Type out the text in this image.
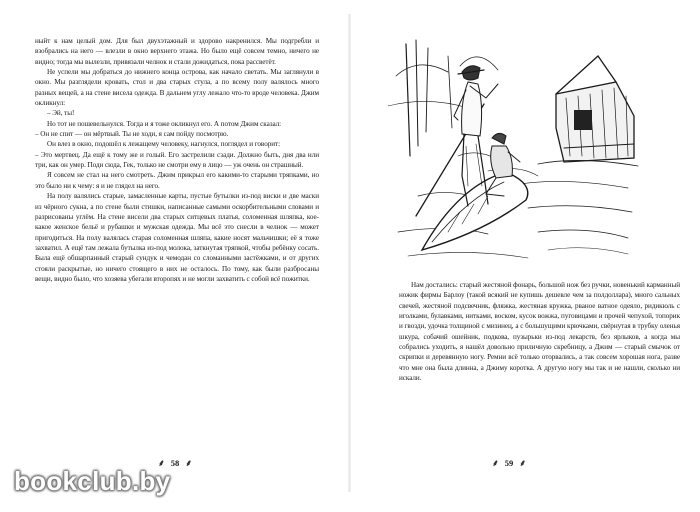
ныйт к нам целый дом. Для был двухэтажный и здорово накренился. Мы подгребли и взобрались на него — влезли в окно верхнего этажа. Но было ещё совсем темно, ничего не видно; тогда мы вылезли, привязали челнок и стали дожидаться, пока рассветёт.

Не успели мы добраться до нижнего конца острова, как начало светать. Мы заглянули в окно. Мы разглядели кровать, стол и два старых стула, а по всему полу валялось много разных вещей, а на стене висела одежда. В дальнем углу лежало что-то вроде человека. Джим окликнул:

– Эй, ты!

Но тот не пошевельнулся. Тогда и я тоже окликнул его. А потом Джим сказал:

– Он не спит — он мёртвый. Ты не ходи, я сам пойду посмотрю.

Он влез в окно, подошёл к лежащему человеку, нагнулся, поглядел и говорит:

– Это мертвец. Да ещё к тому же и голый. Его застрелили сзади. Должно быть, дня два или три, как он умер. Поди сюда, Гек, только не смотри ему в лицо — уж очень он страшный.

Я совсем не стал на него смотреть. Джим прикрыл его какими-то старыми тряпками, но это было ни к чему: я и не глядел на него.

На полу валялись старые, замасленные карты, пустые бутылки из-под виски и две маски из чёрного сукна, а по стене были стишки, написанные самыми оскорбительными словами и разрисованы углём. На стене висели два старых ситцевых платья, соломенная шляпка, кое-какое женское бельё и рубашки и мужская одежда. Мы всё это снесли в челнок — может пригодиться. На полу валялась старая соломенная шляпа, какие носят мальчишки; её я тоже захватил. А ещё там лежала бутылка из-под молока, заткнутая тряпкой, чтобы ребёнку сосать. Была ещё обшарпанный старый сундук и чемодан со сломанными застёжками, и от других стояли раскрытые, но ничего стоящего в них не осталось. По тому, как были разбросаны вещи, видно было, что хозяева убегали второпях и не могли захватить с собой всё пожитки.

⸙ 58 ⸙

Нам достались: старый жестяной фонарь, большой нож без ручки, новенький карманный ножик фирмы Барлоу (такой всякий не купишь дешевле чем за полдоллара), много сальных свечей, жестяной подсвечник, фляжка, жестяная кружка, рваное ватное одеяло, ридикюль с иголками, булавками, нитками, воском, кусок вожжа, пуговицами и прочей чепухой, топорик и гвозди, удочка толщиной с мизинец, а с большущими крючками, свёрнутая в трубку оленья шкура, собачий ошейник, подкова, пузырьки из-под лекарств, без ярлыков, а когда мы собрались уходить, я нашёл довольно приличную скребницу, а Джим — старый смычок от скрипки и деревянную ногу. Ремни всё только оторвались, а так совсем хорошая нога, разве что мне она была длинна, а Джиму коротка. А другую ногу мы так и не нашли, сколько ни искали.

⸙ 59 ⸙
bookclub.by
